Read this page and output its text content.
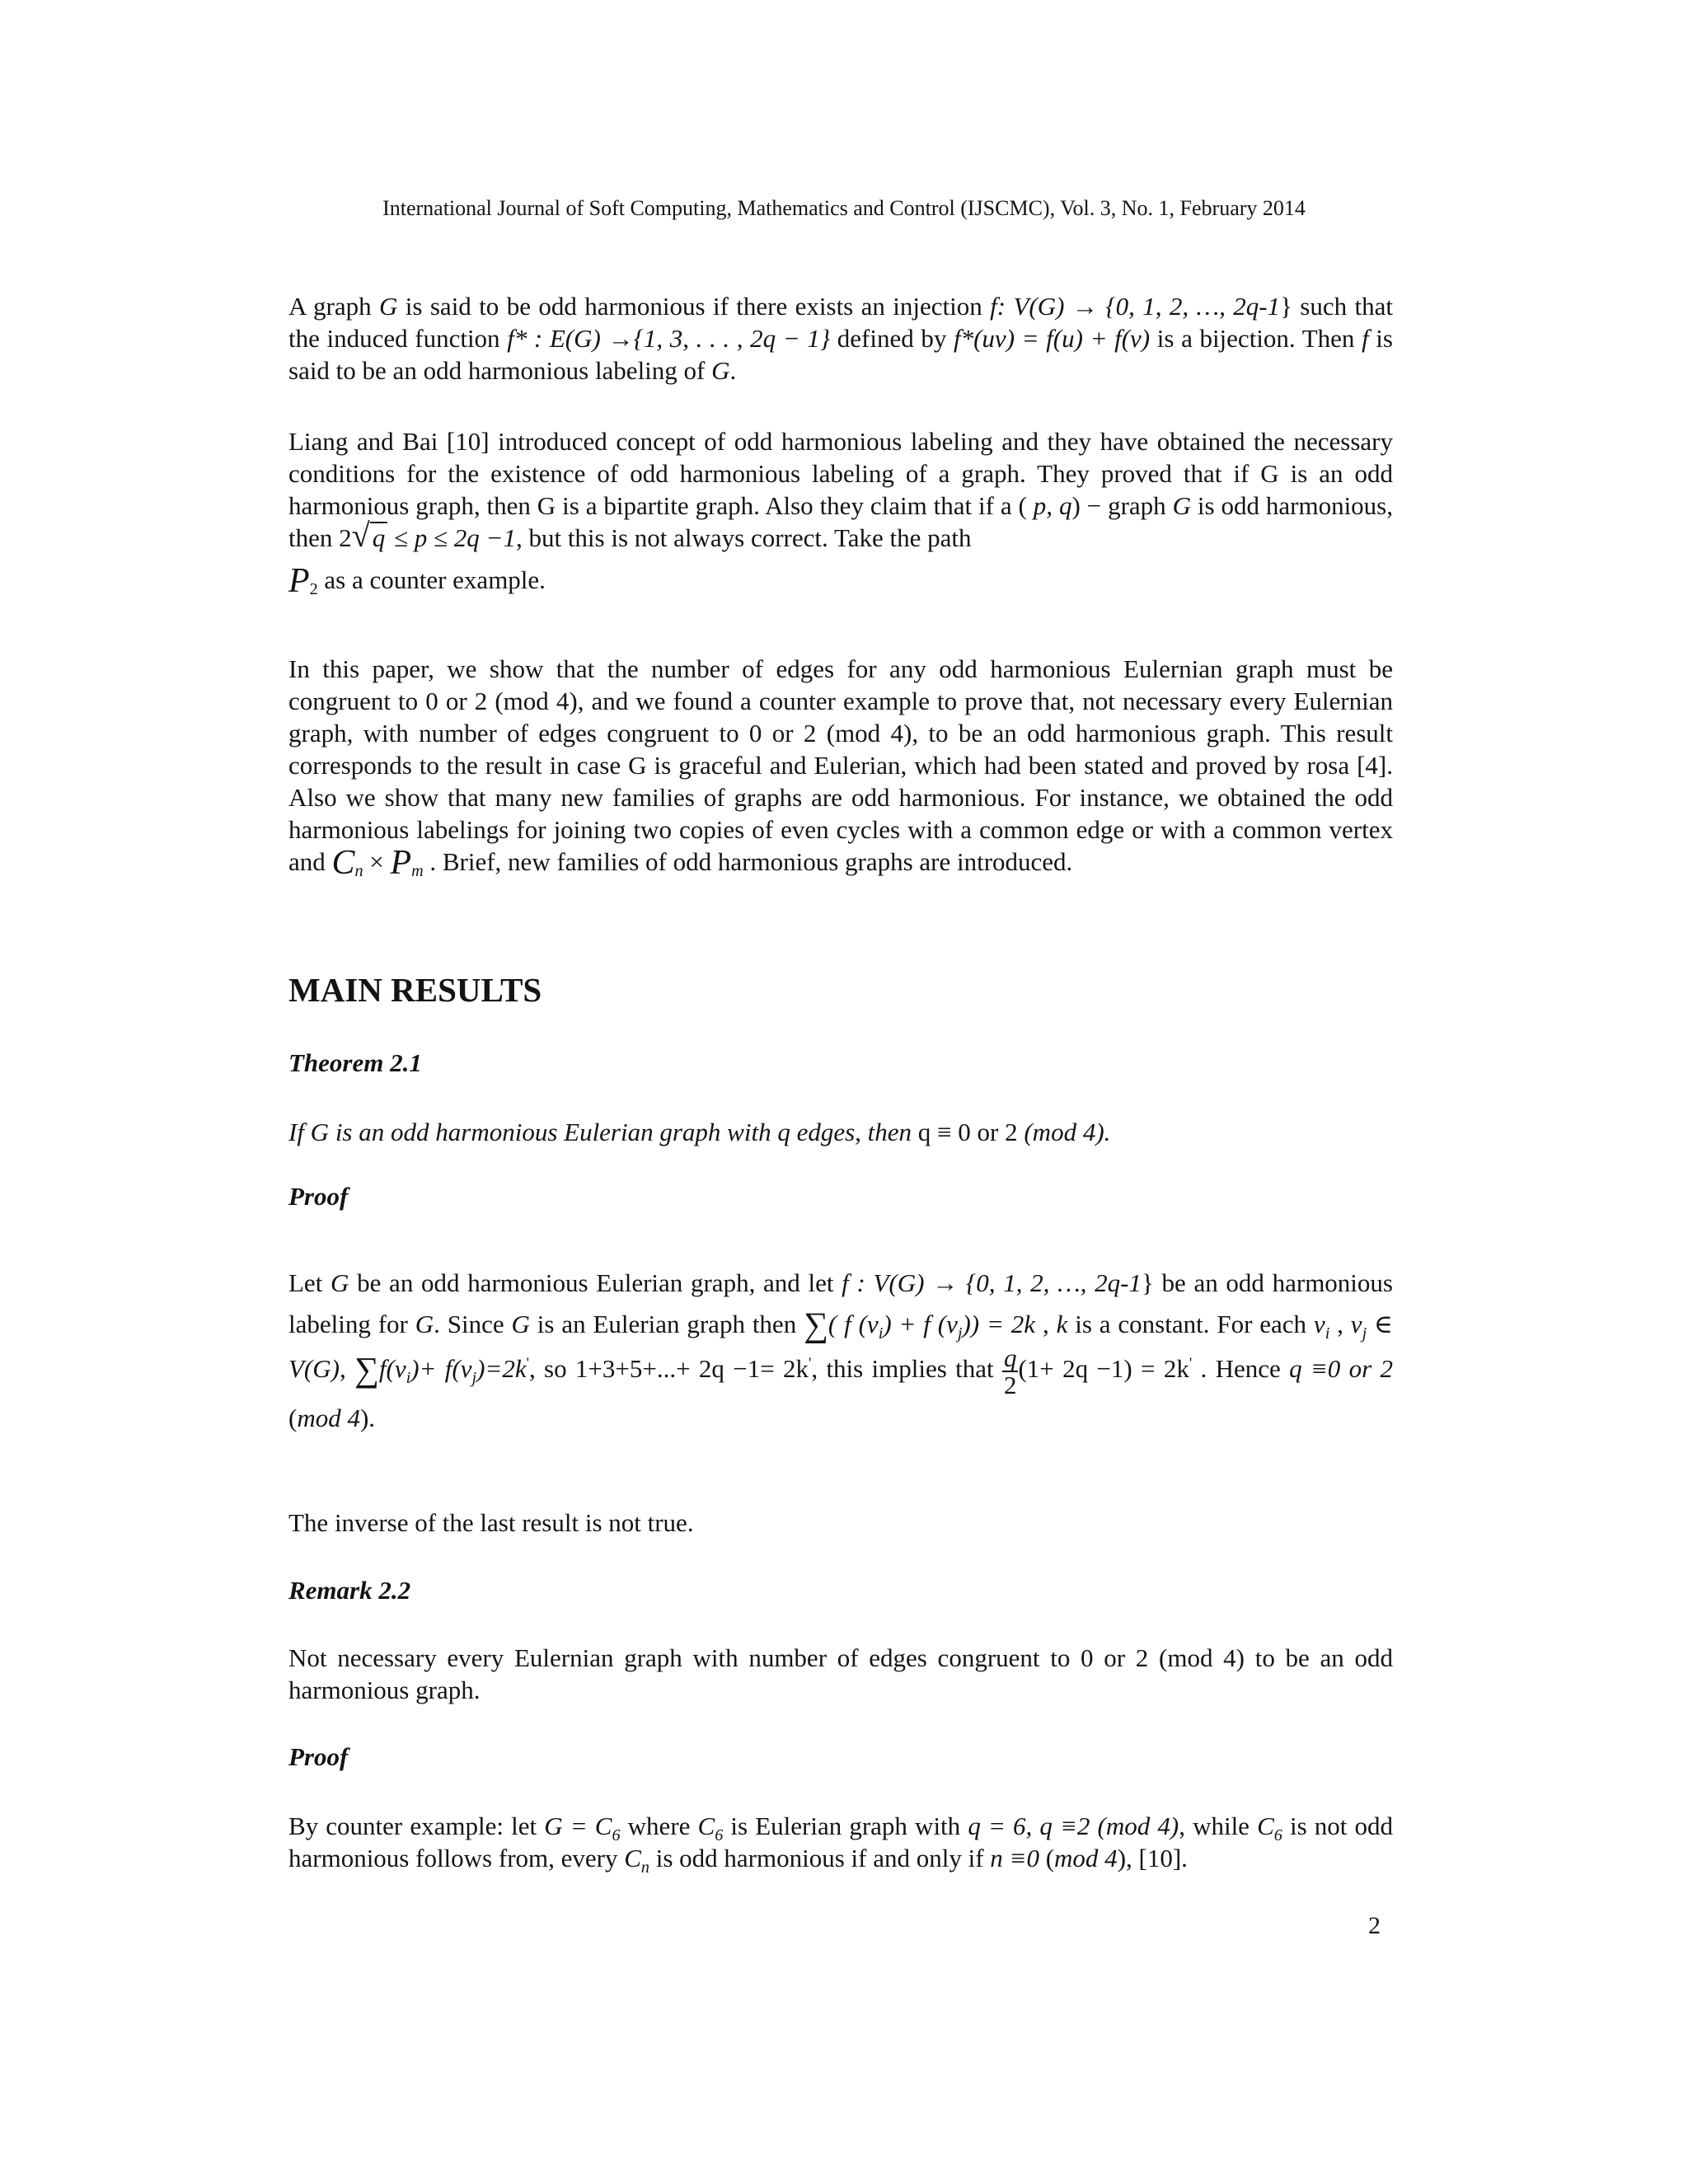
International Journal of Soft Computing, Mathematics and Control (IJSCMC), Vol. 3, No. 1, February 2014
A graph G is said to be odd harmonious if there exists an injection f: V(G) → {0, 1, 2, …, 2q-1} such that the induced function f* : E(G) →{1, 3, . . . , 2q − 1} defined by f*(uv) = f(u) + f(v) is a bijection. Then f is said to be an odd harmonious labeling of G.
Liang and Bai [10] introduced concept of odd harmonious labeling and they have obtained the necessary conditions for the existence of odd harmonious labeling of a graph. They proved that if G is an odd harmonious graph, then G is a bipartite graph. Also they claim that if a ( p, q) − graph G is odd harmonious, then 2√q ≤ p ≤ 2q −1, but this is not always correct. Take the path
$P_2$ as a counter example.
In this paper, we show that the number of edges for any odd harmonious Eulernian graph must be congruent to 0 or 2 (mod 4), and we found a counter example to prove that, not necessary every Eulernian graph, with number of edges congruent to 0 or 2 (mod 4), to be an odd harmonious graph. This result corresponds to the result in case G is graceful and Eulerian, which had been stated and proved by rosa [4]. Also we show that many new families of graphs are odd harmonious. For instance, we obtained the odd harmonious labelings for joining two copies of even cycles with a common edge or with a common vertex and $C_n \times P_m$ . Brief, new families of odd harmonious graphs are introduced.
MAIN RESULTS
Theorem 2.1
If G is an odd harmonious Eulerian graph with q edges, then q ≡ 0 or 2 (mod 4).
Proof
Let G be an odd harmonious Eulerian graph, and let f : V(G) → {0, 1, 2, …, 2q-1} be an odd harmonious labeling for G. Since G is an Eulerian graph then ∑( f $(v_i) + f$ $(v_j)) = 2k$ , k is a constant. For each $v_i$ , $v_j$ ∈ V(G), $\sum f(v_i)+ f(v_j)=2k'$, so 1+3+5+...+ 2q −1= 2k', this implies that $\frac{q}{2} (1+ 2q -1) = 2k'$ . Hence q ≡0 or 2 (mod 4).
The inverse of the last result is not true.
Remark 2.2
Not necessary every Eulernian graph with number of edges congruent to 0 or 2 (mod 4) to be an odd harmonious graph.
Proof
By counter example: let $G = C_6$ where $C_6$ is Eulerian graph with q = 6, q ≡2 (mod 4), while $C_6$ is not odd harmonious follows from, every $C_n$ is odd harmonious if and only if n ≡0 (mod 4), [10].
2
